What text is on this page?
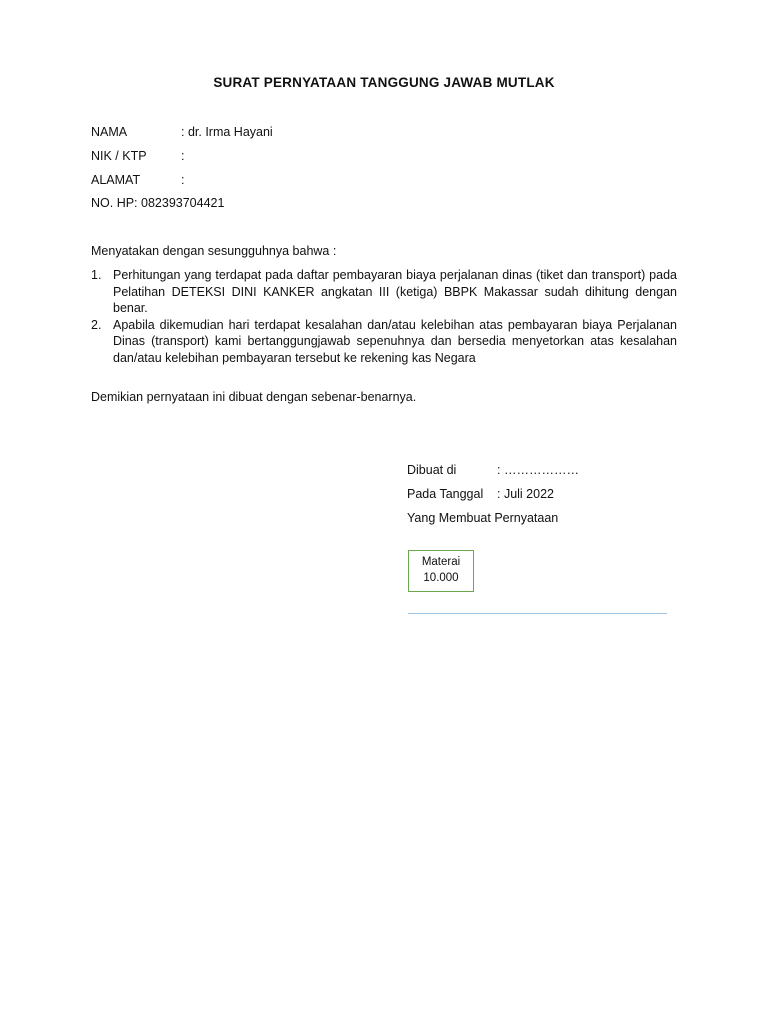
SURAT PERNYATAAN TANGGUNG JAWAB MUTLAK
NAMA	: dr. Irma Hayani
NIK / KTP	:
ALAMAT	:
NO. HP: 082393704421
Menyatakan dengan sesungguhnya bahwa :
1. Perhitungan yang terdapat pada daftar pembayaran biaya perjalanan dinas (tiket dan transport) pada Pelatihan DETEKSI DINI KANKER angkatan III (ketiga) BBPK Makassar sudah dihitung dengan benar.
2. Apabila dikemudian hari terdapat kesalahan dan/atau kelebihan atas pembayaran biaya Perjalanan Dinas (transport) kami bertanggungjawab sepenuhnya dan bersedia menyetorkan atas kesalahan dan/atau kelebihan pembayaran tersebut ke rekening kas Negara
Demikian pernyataan ini dibuat dengan sebenar-benarnya.
Dibuat di	: ………………
Pada Tanggal : Juli 2022
Yang Membuat Pernyataan
Materai
10.000
